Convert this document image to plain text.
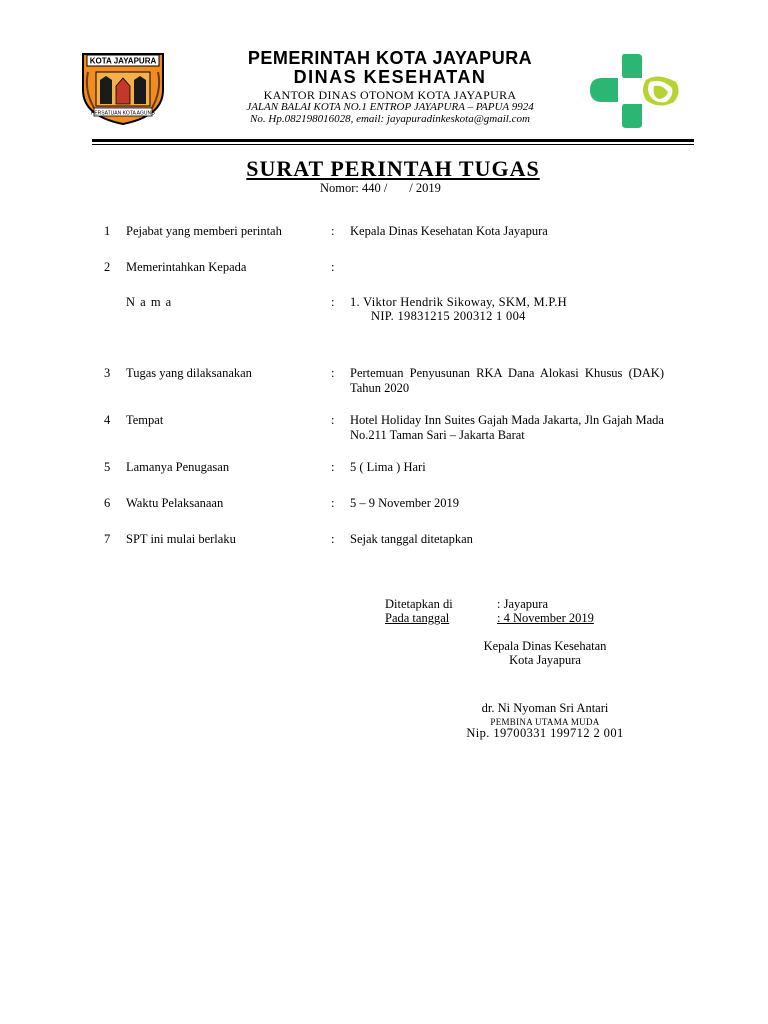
KOTA JAYAPURA
PERSATUAN KOTA AGUNG
PEMERINTAH KOTA JAYAPURA
DINAS KESEHATAN
KANTOR DINAS OTONOM KOTA JAYAPURA
JALAN BALAI KOTA NO.1 ENTROP JAYAPURA – PAPUA 9924
No. Hp.082198016028, email: jayapuradinkeskota@gmail.com
SURAT PERINTAH TUGAS
Nomor: 440 /       / 2019
1 Pejabat yang memberi perintah	: Kepala Dinas Kesehatan Kota Jayapura
2 Memerintahkan Kepada	:
N a m a	: 1. Viktor Hendrik Sikoway, SKM, M.P.H
NIP. 19831215 200312 1 004
3 Tugas yang dilaksanakan	: Pertemuan Penyusunan RKA Dana Alokasi Khusus (DAK) Tahun 2020
4 Tempat	: Hotel Holiday Inn Suites Gajah Mada Jakarta, Jln Gajah Mada No.211 Taman Sari – Jakarta Barat
5 Lamanya Penugasan	: 5 ( Lima ) Hari
6 Waktu Pelaksanaan	: 5 – 9 November 2019
7 SPT ini mulai berlaku	: Sejak tanggal ditetapkan
Ditetapkan di	: Jayapura
Pada tanggal	: 4 November 2019
Kepala Dinas Kesehatan
Kota Jayapura
dr. Ni Nyoman Sri Antari
PEMBINA UTAMA MUDA
Nip. 19700331 199712 2 001
